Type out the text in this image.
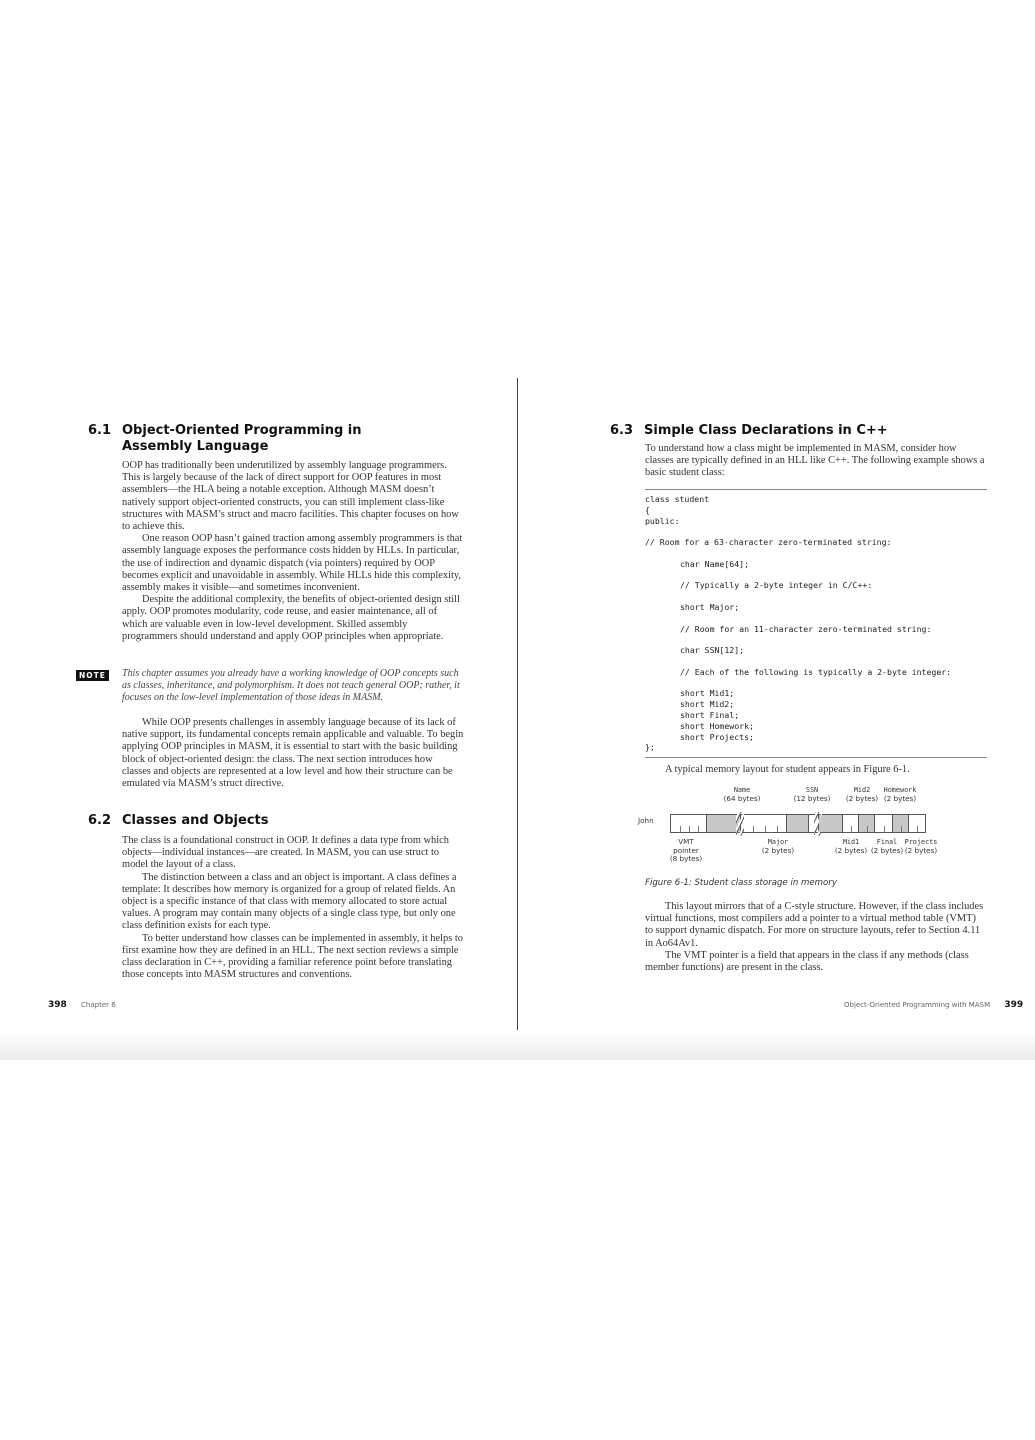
6.1 Object-Oriented Programming in
Assembly Language

OOP has traditionally been underutilized by assembly language programmers. This is largely because of the lack of direct support for OOP features in most assemblers—the HLA being a notable exception. Although MASM doesn’t natively support object-oriented constructs, you can still implement class-like structures with MASM’s struct and macro facilities. This chapter focuses on how to achieve this.

One reason OOP hasn’t gained traction among assembly programmers is that assembly language exposes the performance costs hidden by HLLs. In particular, the use of indirection and dynamic dispatch (via pointers) required by OOP becomes explicit and unavoidable in assembly. While HLLs hide this complexity, assembly makes it visible—and sometimes inconvenient.

Despite the additional complexity, the benefits of object-oriented design still apply. OOP promotes modularity, code reuse, and easier maintenance, all of which are valuable even in low-level development. Skilled assembly programmers should understand and apply OOP principles when appropriate.

NOTE	This chapter assumes you already have a working knowledge of OOP concepts such as classes, inheritance, and polymorphism. It does not teach general OOP; rather, it focuses on the low-level implementation of those ideas in MASM.

While OOP presents challenges in assembly language because of its lack of native support, its fundamental concepts remain applicable and valuable. To begin applying OOP principles in MASM, it is essential to start with the basic building block of object-oriented design: the class. The next section introduces how classes and objects are represented at a low level and how their structure can be emulated via MASM’s struct directive.

6.2 Classes and Objects

The class is a foundational construct in OOP. It defines a data type from which objects—individual instances—are created. In MASM, you can use struct to model the layout of a class.

The distinction between a class and an object is important. A class defines a template: It describes how memory is organized for a group of related fields. An object is a specific instance of that class with memory allocated to store actual values. A program may contain many objects of a single class type, but only one class definition exists for each type.

To better understand how classes can be implemented in assembly, it helps to first examine how they are defined in an HLL. The next section reviews a simple class declaration in C++, providing a familiar reference point before translating those concepts into MASM structures and conventions.

398 Chapter 6
6.3 Simple Class Declarations in C++

To understand how a class might be implemented in MASM, consider how classes are typically defined in an HLL like C++. The following example shows a basic student class:

class student
{
public:
// Room for a 63-character zero-terminated string:
char Name[64];
// Typically a 2-byte integer in C/C++:
short Major;
// Room for an 11-character zero-terminated string:
char SSN[12];
// Each of the following is typically a 2-byte integer:
short Mid1;
short Mid2;
short Final;
short Homework;
short Projects;
};

A typical memory layout for student appears in Figure 6-1.

John
Name
(64 bytes)
SSN
(12 bytes)
Mid2
(2 bytes)
Homework
(2 bytes)
VMT
pointer
(8 bytes)
Major
(2 bytes)
Mid1
(2 bytes)
Final
(2 bytes)
Projects
(2 bytes)
Figure 6-1: Student class storage in memory

This layout mirrors that of a C-style structure. However, if the class includes virtual functions, most compilers add a pointer to a virtual method table (VMT) to support dynamic dispatch. For more on structure layouts, refer to Section 4.11 in Ao64Av1.

The VMT pointer is a field that appears in the class if any methods (class member functions) are present in the class.

Object-Oriented Programming with MASM 399
